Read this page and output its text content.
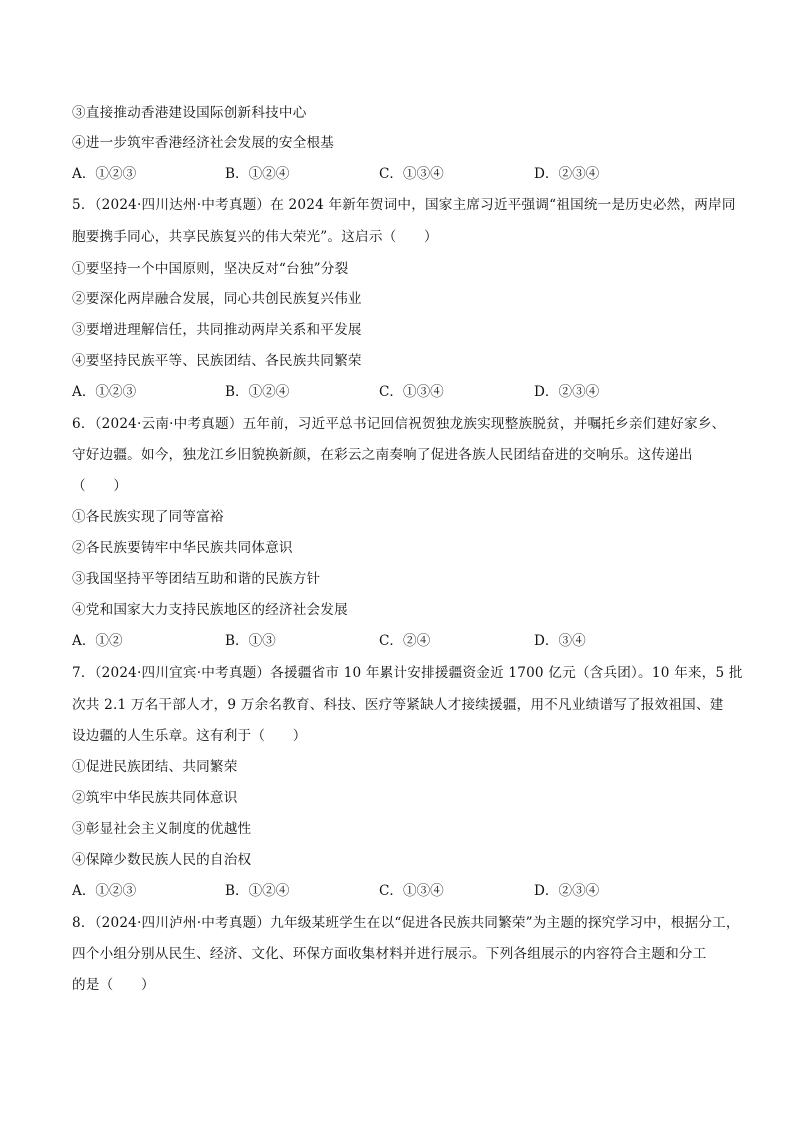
③直接推动香港建设国际创新科技中心
④进一步筑牢香港经济社会发展的安全根基
A．①②③	B．①②④	C．①③④	D．②③④
5．（2024·四川达州·中考真题）在 2024 年新年贺词中，国家主席习近平强调“祖国统一是历史必然，两岸同
胞要携手同心，共享民族复兴的伟大荣光”。这启示（　　）
①要坚持一个中国原则，坚决反对“台独”分裂
②要深化两岸融合发展，同心共创民族复兴伟业
③要增进理解信任，共同推动两岸关系和平发展
④要坚持民族平等、民族团结、各民族共同繁荣
A．①②③	B．①②④	C．①③④	D．②③④
6．（2024·云南·中考真题）五年前，习近平总书记回信祝贺独龙族实现整族脱贫，并嘱托乡亲们建好家乡、
守好边疆。如今，独龙江乡旧貌换新颜，在彩云之南奏响了促进各族人民团结奋进的交响乐。这传递出
（　　）
①各民族实现了同等富裕
②各民族要铸牢中华民族共同体意识
③我国坚持平等团结互助和谐的民族方针
④党和国家大力支持民族地区的经济社会发展
A．①②	B．①③	C．②④	D．③④
7．（2024·四川宜宾·中考真题）各援疆省市 10 年累计安排援疆资金近 1700 亿元（含兵团）。10 年来，5 批
次共 2.1 万名干部人才，9 万余名教育、科技、医疗等紧缺人才接续援疆，用不凡业绩谱写了报效祖国、建
设边疆的人生乐章。这有利于（　　）
①促进民族团结、共同繁荣
②筑牢中华民族共同体意识
③彰显社会主义制度的优越性
④保障少数民族人民的自治权
A．①②③	B．①②④	C．①③④	D．②③④
8．（2024·四川泸州·中考真题）九年级某班学生在以“促进各民族共同繁荣”为主题的探究学习中，根据分工，
四个小组分别从民生、经济、文化、环保方面收集材料并进行展示。下列各组展示的内容符合主题和分工
的是（　　）
